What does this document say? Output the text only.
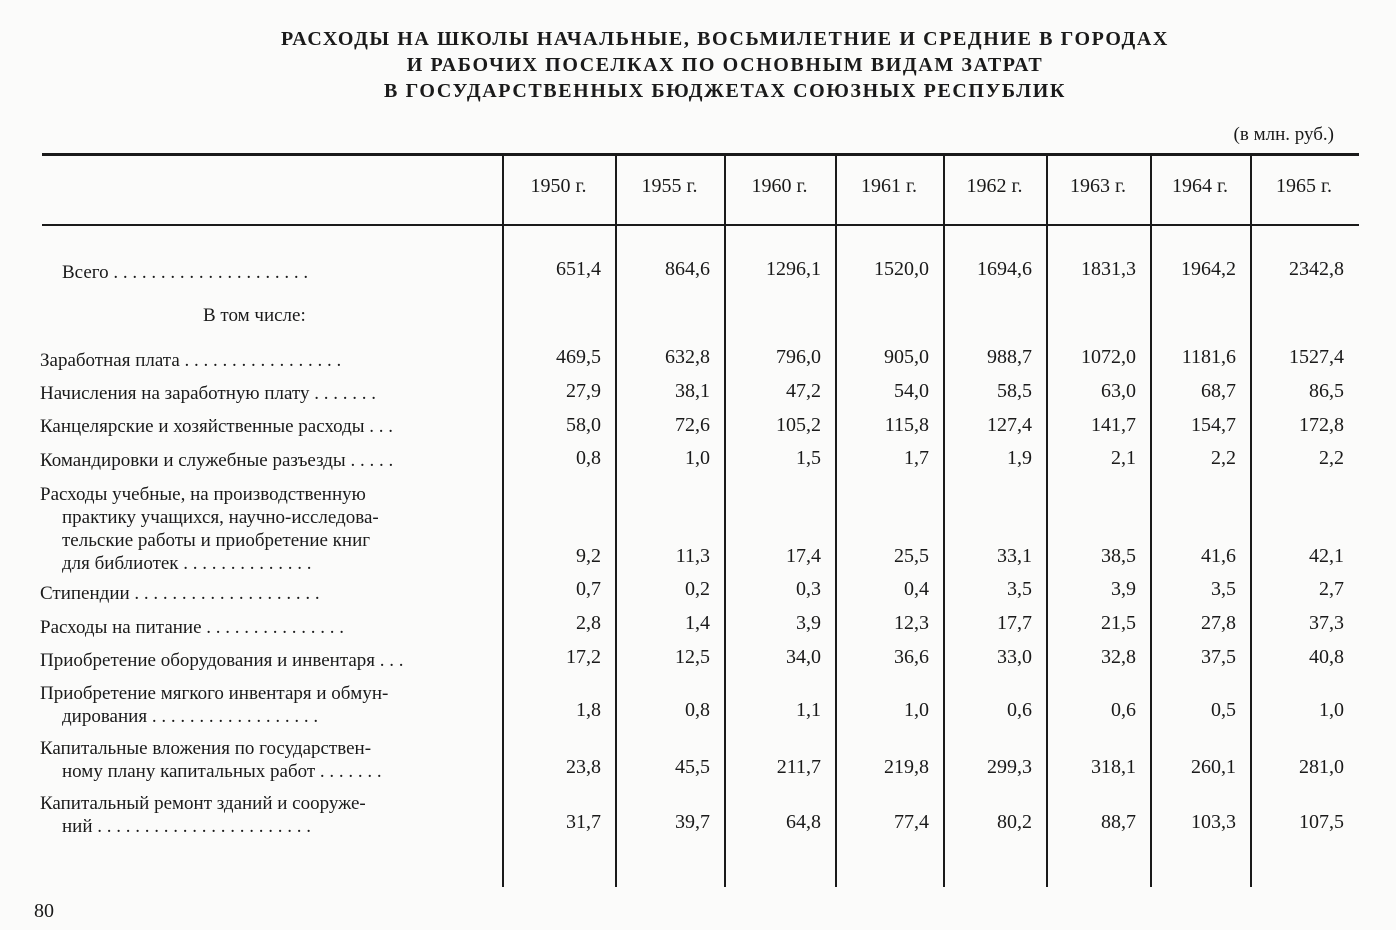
РАСХОДЫ НА ШКОЛЫ НАЧАЛЬНЫЕ, ВОСЬМИЛЕТНИЕ И СРЕДНИЕ В ГОРОДАХ
И РАБОЧИХ ПОСЕЛКАХ ПО ОСНОВНЫМ ВИДАМ ЗАТРАТ
В ГОСУДАРСТВЕННЫХ БЮДЖЕТАХ СОЮЗНЫХ РЕСПУБЛИК
(в млн. руб.)
1950 г.	1955 г.	1960 г.	1961 г.	1962 г.	1963 г.	1964 г.	1965 г.
Всего . . . . . . . . . . . . . . . . . . . . .	651,4	864,6	1296,1	1520,0	1694,6	1831,3	1964,2	2342,8
Заработная плата . . . . . . . . . . . . . . . . .	469,5	632,8	796,0	905,0	988,7	1072,0	1181,6	1527,4
Начисления на заработную плату . . . . . . .	27,9	38,1	47,2	54,0	58,5	63,0	68,7	86,5
Канцелярские и хозяйственные расходы . . .	58,0	72,6	105,2	115,8	127,4	141,7	154,7	172,8
Командировки и служебные разъезды . . . . .	0,8	1,0	1,5	1,7	1,9	2,1	2,2	2,2
Расходы учебные, на производственную
практику учащихся, научно-исследова-
тельские работы и приобретение книг
для библиотек . . . . . . . . . . . . . .	9,2	11,3	17,4	25,5	33,1	38,5	41,6	42,1
Стипендии . . . . . . . . . . . . . . . . . . . .	0,7	0,2	0,3	0,4	3,5	3,9	3,5	2,7
Расходы на питание . . . . . . . . . . . . . . .	2,8	1,4	3,9	12,3	17,7	21,5	27,8	37,3
Приобретение оборудования и инвентаря . . .	17,2	12,5	34,0	36,6	33,0	32,8	37,5	40,8
Приобретение мягкого инвентаря и обмун-
дирования . . . . . . . . . . . . . . . . . .	1,8	0,8	1,1	1,0	0,6	0,6	0,5	1,0
Капитальные вложения по государствен-
ному плану капитальных работ . . . . . . .	23,8	45,5	211,7	219,8	299,3	318,1	260,1	281,0
Капитальный ремонт зданий и сооруже-
ний . . . . . . . . . . . . . . . . . . . . . . .	31,7	39,7	64,8	77,4	80,2	88,7	103,3	107,5
В том числе:
80
